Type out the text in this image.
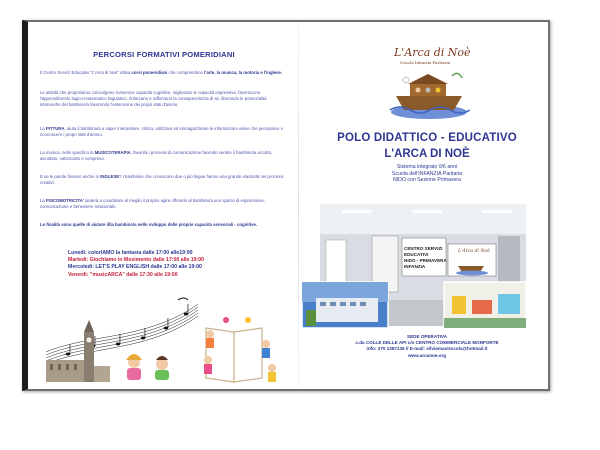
PERCORSI FORMATIVI POMERIDIANI

Il Centro Servizi Educativi "L'Arca di Noè" attiva corsi pomeridiani che comprendono l'arte, la musica, la motoria e l'inglese.

Le attività che proponiamo coinvolgono numerose capacità cognitive, migliorano le capacità espressive, favoriscono l'apprendimento logico-matematico linguistico, rinforzano e rafforzano la consapevolezza di sé, liberando le potenzialità intrinseche del bambino/a favorendo l'estensione dei propri stati d'animo.

La PITTURA, aiuta il bambino/a a saper interpretare, critica, utilizzare ed immagazzinare le informazioni visive che percepisce e riconoscere i propri stati d'animo.

La musica, nello specifico la MUSICOTERAPIA, favorirà i processi di comunicazione facendo sentire il bambino/a accolto, ascoltato, valorizzato e compreso.

E se le parole fossero anche in INGLESE? I bambini/e che conoscono due o più lingue hanno una grande elasticità nei processi creativi.

La PSICOMOTRICITA' aiuterà a coordinare al meglio il proprio agire offrendo al bambino/a uno spazio di espressione, comunicazione e benessere relazionale.

Le finalità sono quelle di aiutare il/la bambino/a nello sviluppo delle proprie capacità sensoriali - cognitive.

Lunedì: colorIAMO la fantasia dalle 17:00 alle19:00
Martedì: Giochiamo in Movimento dalle 17:00 alle 19:00
Mercoledì: LET'S PLAY ENGLISH dalle 17:00 alle 19:00
Venerdì: "musicARCA" dalle 17:30 alle 19:00

L'Arca di Noè

Scuola Infanzia Paritaria

POLO DIDATTICO - EDUCATIVO
L'ARCA DI NOÈ
Sistema integrato 0/6 anni
Scuola dell'INFANZIA Paritaria
NIDO con Sezione Primavera
CENTRO SERVIZI
EDUCATIVI
NIDO - PRIMAVERA
INFANZIA
L'Arca di Noè
SEDE OPERATIVA
c.da COLLE DELLE API c/o CENTRO COMMERCIALE MONFORTE
info: 370 1387135 // E-mail: silviomastrocola@hotmail.it
www.arcanoe.org
